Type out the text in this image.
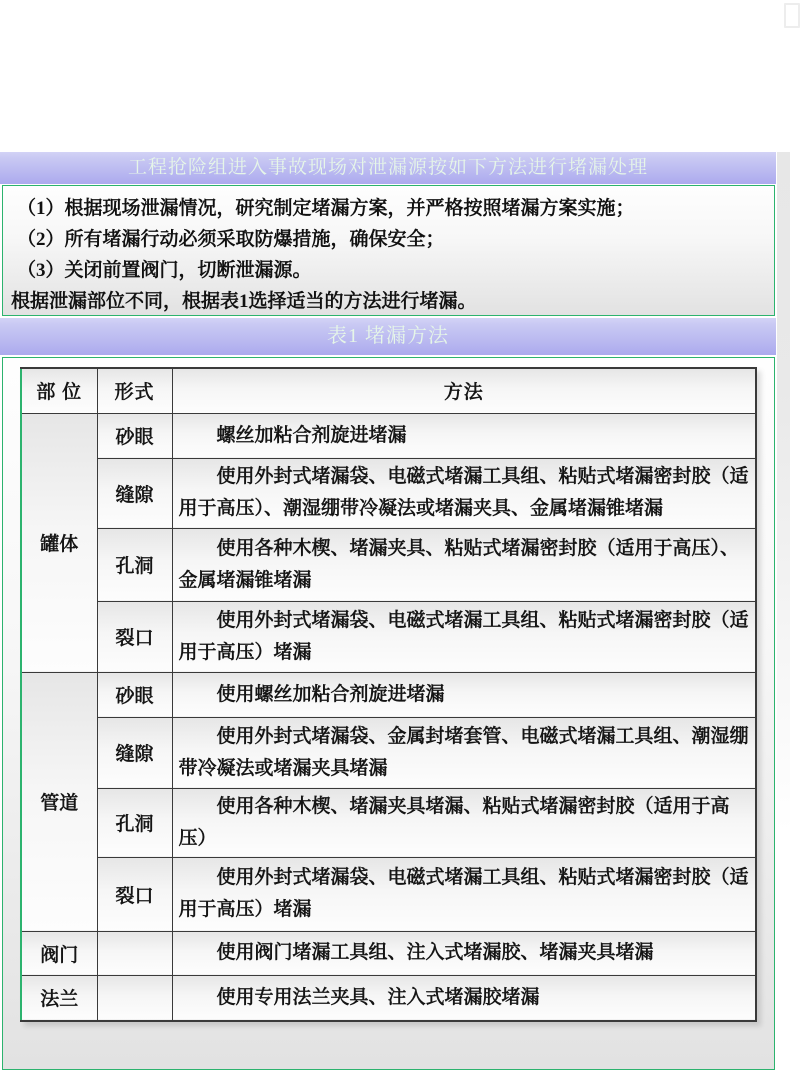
工程抢险组进入事故现场对泄漏源按如下方法进行堵漏处理

（1）根据现场泄漏情况，研究制定堵漏方案，并严格按照堵漏方案实施；

（2）所有堵漏行动必须采取防爆措施，确保安全；

（3）关闭前置阀门，切断泄漏源。

根据泄漏部位不同，根据表1选择适当的方法进行堵漏。

表1 堵漏方法
部 位	形式	方法
罐体	砂眼	螺丝加粘合剂旋进堵漏
	缝隙	使用外封式堵漏袋、电磁式堵漏工具组、粘贴式堵漏密封胶（适用于高压）、潮湿绷带冷凝法或堵漏夹具、金属堵漏锥堵漏
	孔洞	使用各种木楔、堵漏夹具、粘贴式堵漏密封胶（适用于高压）、金属堵漏锥堵漏
	裂口	使用外封式堵漏袋、电磁式堵漏工具组、粘贴式堵漏密封胶（适用于高压）堵漏
管道	砂眼	使用螺丝加粘合剂旋进堵漏
	缝隙	使用外封式堵漏袋、金属封堵套管、电磁式堵漏工具组、潮湿绷带冷凝法或堵漏夹具堵漏
	孔洞	使用各种木楔、堵漏夹具堵漏、粘贴式堵漏密封胶（适用于高压）
	裂口	使用外封式堵漏袋、电磁式堵漏工具组、粘贴式堵漏密封胶（适用于高压）堵漏
阀门		使用阀门堵漏工具组、注入式堵漏胶、堵漏夹具堵漏
法兰		使用专用法兰夹具、注入式堵漏胶堵漏
